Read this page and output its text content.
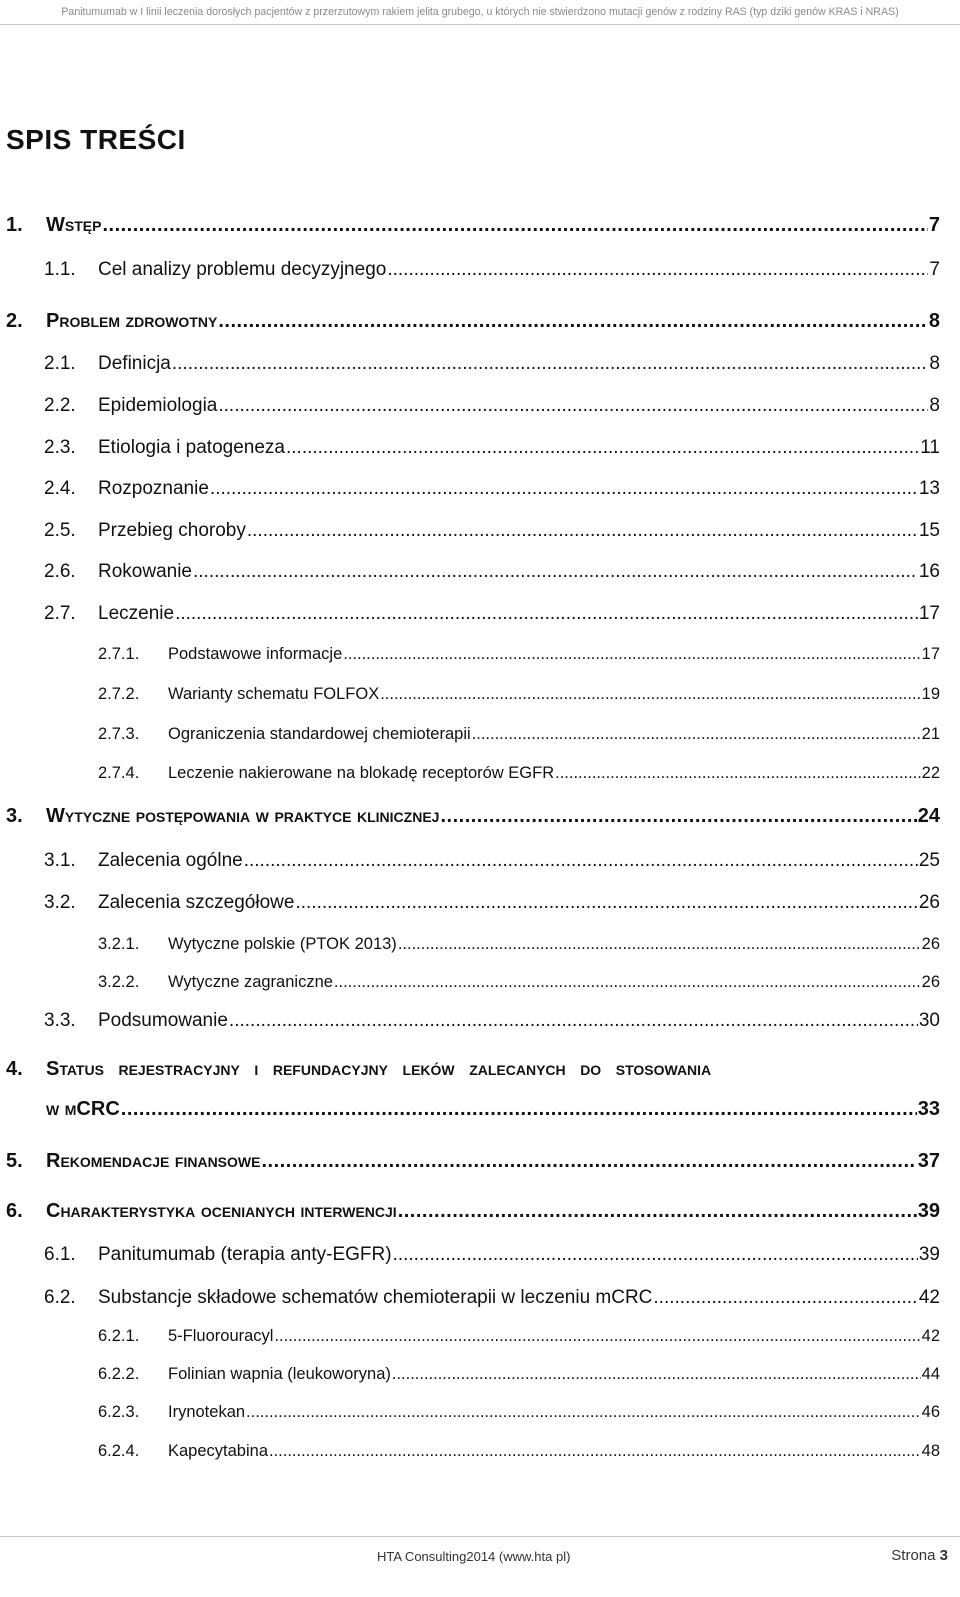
Panitumumab w I linii leczenia dorosłych pacjentów z przerzutowym rakiem jelita grubego, u których nie stwierdzono mutacji genów z rodziny RAS (typ dziki genów KRAS i NRAS)
SPIS TREŚCI
1.	Wstęp .....	7
1.1.	Cel analizy problemu decyzyjnego .....	7
2.	Problem zdrowotny .....	8
2.1.	Definicja .....	8
2.2.	Epidemiologia .....	8
2.3.	Etiologia i patogeneza .....	11
2.4.	Rozpoznanie .....	13
2.5.	Przebieg choroby .....	15
2.6.	Rokowanie .....	16
2.7.	Leczenie .....	17
2.7.1.	Podstawowe informacje .....	17
2.7.2.	Warianty schematu FOLFOX .....	19
2.7.3.	Ograniczenia standardowej chemioterapii .....	21
2.7.4.	Leczenie nakierowane na blokadę receptorów EGFR .....	22
3.	Wytyczne postępowania w praktyce klinicznej .....	24
3.1.	Zalecenia ogólne .....	25
3.2.	Zalecenia szczegółowe .....	26
3.2.1.	Wytyczne polskie (PTOK 2013) .....	26
3.2.2.	Wytyczne zagraniczne .....	26
3.3.	Podsumowanie .....	30
4.	Status rejestracyjny i refundacyjny leków zalecanych do stosowania
w mCRC .....	33
5.	Rekomendacje finansowe .....	37
6.	Charakterystyka ocenianych interwencji .....	39
6.1.	Panitumumab (terapia anty-EGFR) .....	39
6.2.	Substancje składowe schematów chemioterapii w leczeniu mCRC .....	42
6.2.1.	5-Fluorouracyl .....	42
6.2.2.	Folinian wapnia (leukoworyna) .....	44
6.2.3.	Irynotekan .....	46
6.2.4.	Kapecytabina .....	48
HTA Consulting2014 (www.hta pl)	Strona 3
